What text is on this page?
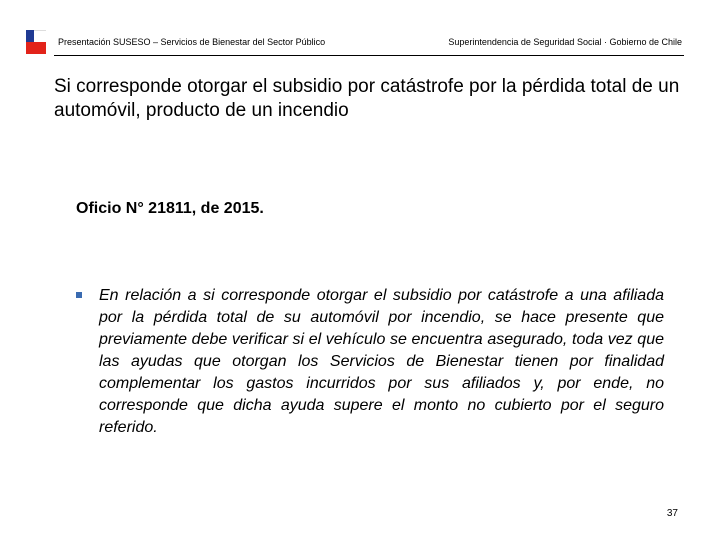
Presentación SUSESO – Servicios de Bienestar del Sector Público	Superintendencia de Seguridad Social · Gobierno de Chile
Si corresponde otorgar el subsidio por catástrofe por la pérdida total de un automóvil, producto de un incendio

Oficio N° 21811, de 2015.

En relación a si corresponde otorgar el subsidio por catástrofe a una afiliada por la pérdida total de su automóvil por incendio, se hace presente que previamente debe verificar si el vehículo se encuentra asegurado, toda vez que las ayudas que otorgan los Servicios de Bienestar tienen por finalidad complementar los gastos incurridos por sus afiliados y, por ende, no corresponde que dicha ayuda supere el monto no cubierto por el seguro referido.
37
